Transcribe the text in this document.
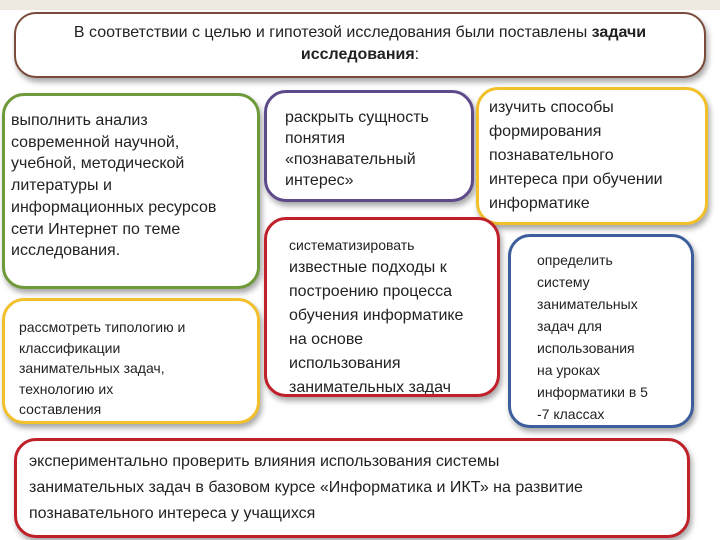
В соответствии с целью и гипотезой исследования были поставлены задачи
исследования:
выполнить анализ
современной научной,
учебной, методической
литературы и
информационных ресурсов
сети Интернет по теме
исследования.
рассмотреть типологию и
классификации
занимательных задач,
технологию их
составления
раскрыть сущность
понятия
«познавательный
интерес»
изучить способы
формирования
познавательного
интереса при обучении
информатике
систематизировать
известные подходы к
построению процесса
обучения информатике
на основе
использования
занимательных задач
определить
систему
занимательных
задач для
использования
на уроках
информатики в 5
-7 классах
экспериментально проверить влияния использования системы
занимательных задач в базовом курсе «Информатика и ИКТ» на развитие
познавательного интереса у учащихся
